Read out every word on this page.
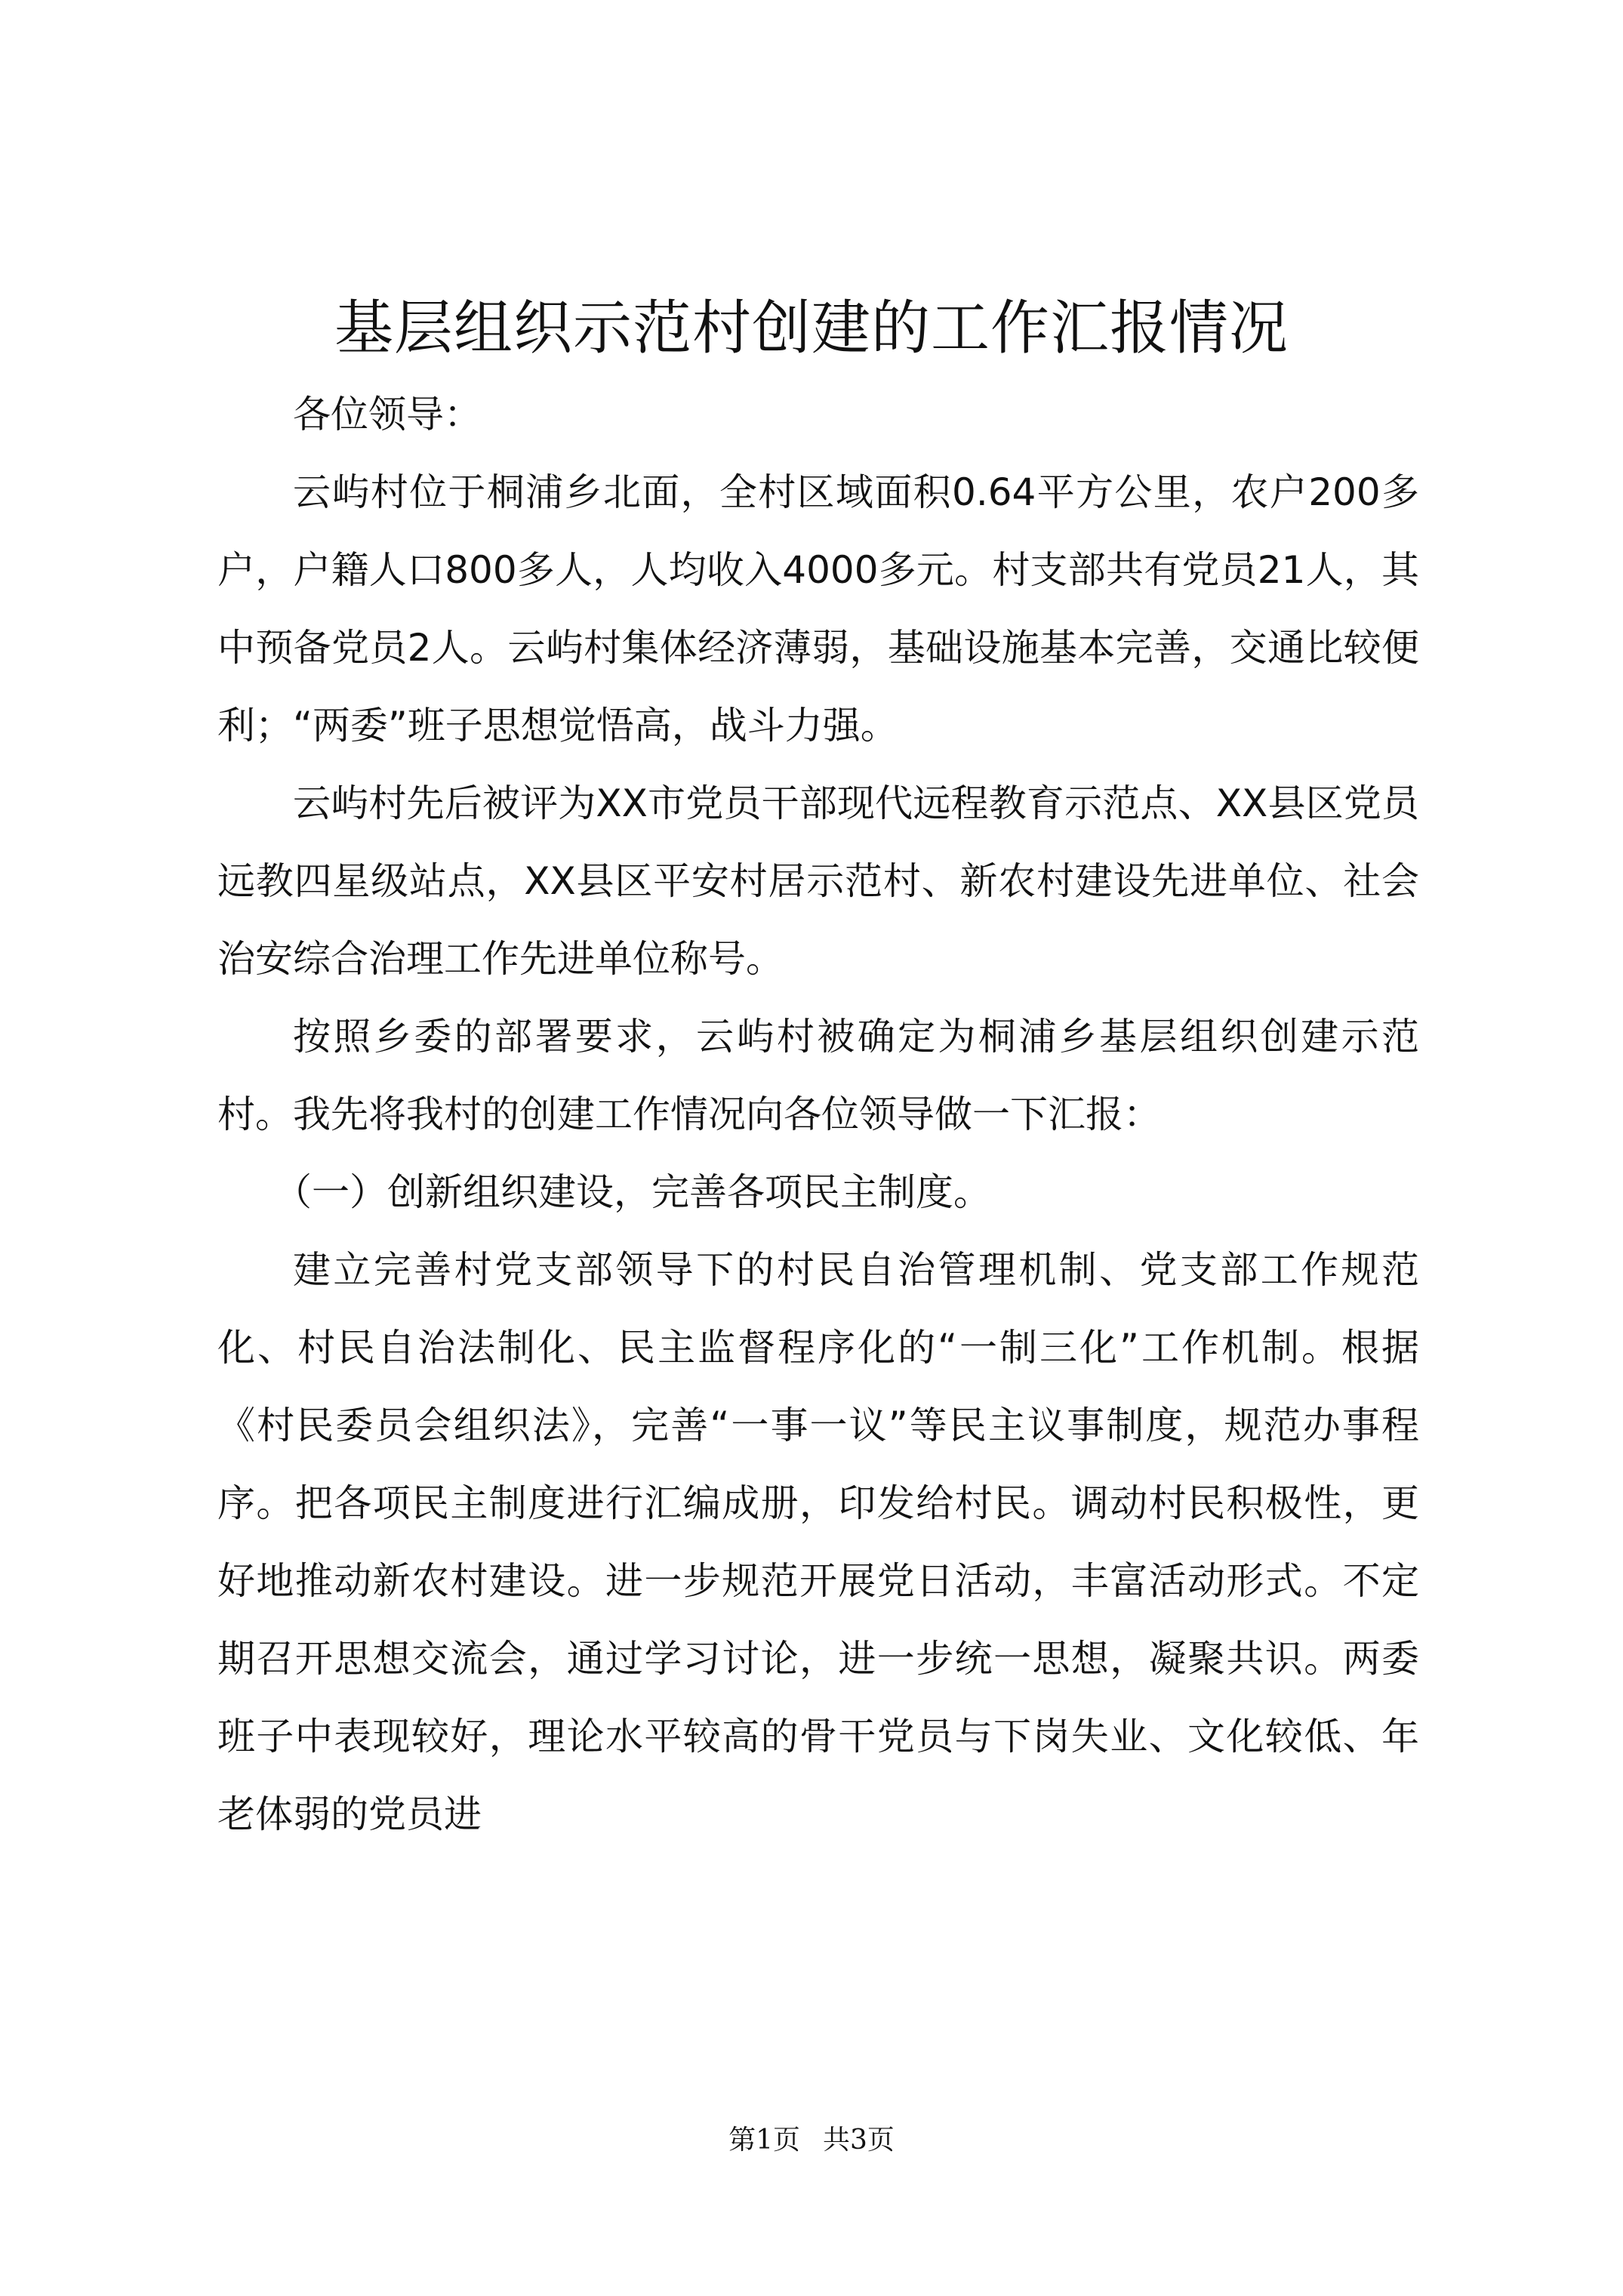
基层组织示范村创建的工作汇报情况

各位领导：

云屿村位于桐浦乡北面，全村区域面积0.64平方公里，农户200多户，户籍人口800多人，人均收入4000多元。村支部共有党员21人，其中预备党员2人。云屿村集体经济薄弱，基础设施基本完善，交通比较便利；“两委”班子思想觉悟高，战斗力强。

云屿村先后被评为XX市党员干部现代远程教育示范点、XX县区党员远教四星级站点，XX县区平安村居示范村、新农村建设先进单位、社会治安综合治理工作先进单位称号。

按照乡委的部署要求，云屿村被确定为桐浦乡基层组织创建示范村。我先将我村的创建工作情况向各位领导做一下汇报：

（一）创新组织建设，完善各项民主制度。

建立完善村党支部领导下的村民自治管理机制、党支部工作规范化、村民自治法制化、民主监督程序化的“一制三化”工作机制。根据《村民委员会组织法》，完善“一事一议”等民主议事制度，规范办事程序。把各项民主制度进行汇编成册，印发给村民。调动村民积极性，更好地推动新农村建设。进一步规范开展党日活动，丰富活动形式。不定期召开思想交流会，通过学习讨论，进一步统一思想，凝聚共识。两委班子中表现较好，理论水平较高的骨干党员与下岗失业、文化较低、年老体弱的党员进

第1页 共3页
